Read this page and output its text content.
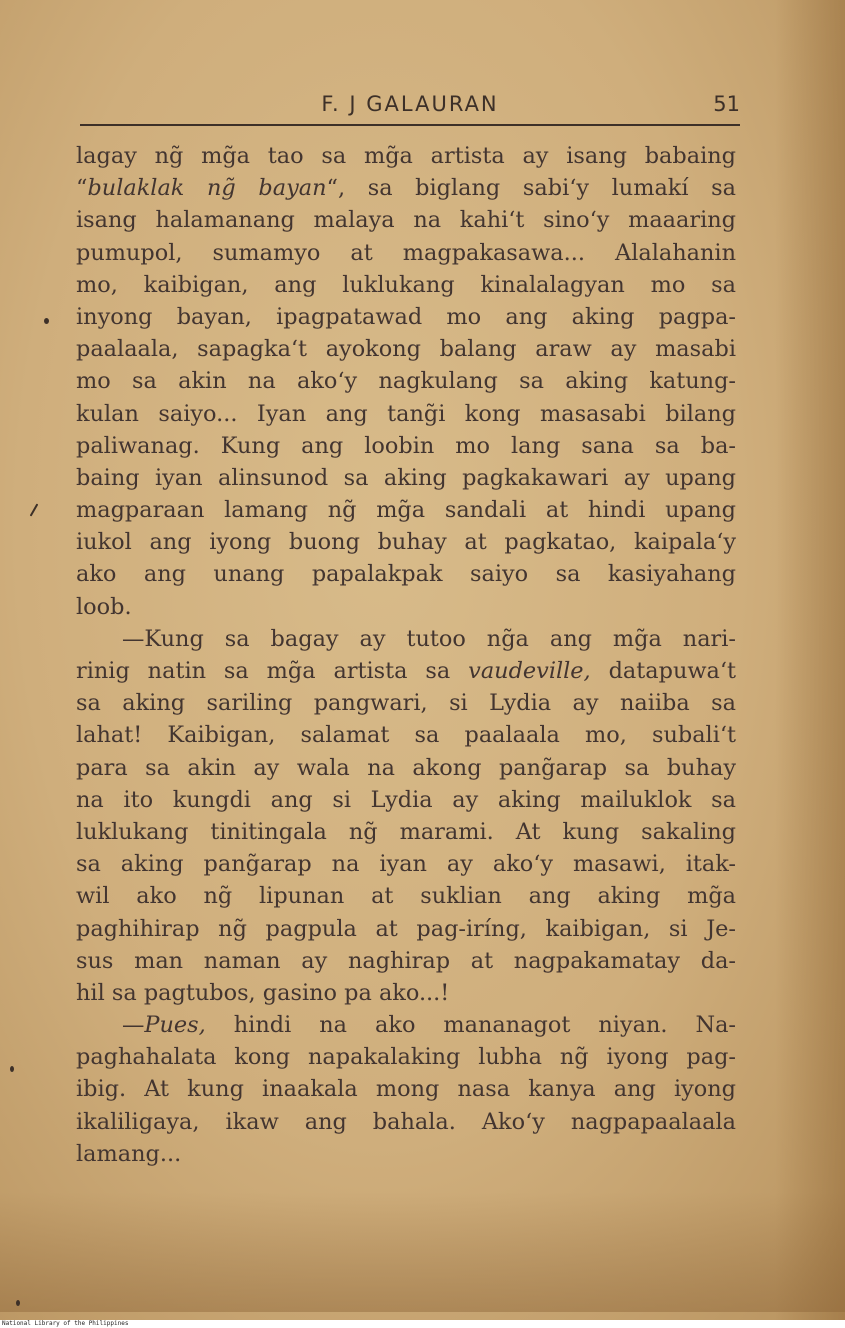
F. J GALAURAN	51
lagay ng̃ mg̃a tao sa mg̃a artista ay isang babaing
“bulaklak ng̃ bayan“, sa biglang sabi‘y lumakí sa
isang halamanang malaya na kahi‘t sino‘y maaaring
pumupol, sumamyo at magpakasawa... Alalahanin
mo, kaibigan, ang luklukang kinalalagyan mo sa
inyong bayan, ipagpatawad mo ang aking pagpa-
paalaala, sapagka‘t ayokong balang araw ay masabi
mo sa akin na ako‘y nagkulang sa aking katung-
kulan saiyo... Iyan ang tang̃i kong masasabi bilang
paliwanag. Kung ang loobin mo lang sana sa ba-
baing iyan alinsunod sa aking pagkakawari ay upang
magparaan lamang ng̃ mg̃a sandali at hindi upang
iukol ang iyong buong buhay at pagkatao, kaipala‘y
ako ang unang papalakpak saiyo sa kasiyahang
loob.
—Kung sa bagay ay tutoo ng̃a ang mg̃a nari-
rinig natin sa mg̃a artista sa vaudeville, datapuwa‘t
sa aking sariling pangwari, si Lydia ay naiiba sa
lahat! Kaibigan, salamat sa paalaala mo, subali‘t
para sa akin ay wala na akong pang̃arap sa buhay
na ito kungdi ang si Lydia ay aking mailuklok sa
luklukang tinitingala ng̃ marami. At kung sakaling
sa aking pang̃arap na iyan ay ako‘y masawi, itak-
wil ako ng̃ lipunan at suklian ang aking mg̃a
paghihirap ng̃ pagpula at pag-iríng, kaibigan, si Je-
sus man naman ay naghirap at nagpakamatay da-
hil sa pagtubos, gasino pa ako...!
—Pues, hindi na ako mananagot niyan. Na-
paghahalata kong napakalaking lubha ng̃ iyong pag-
ibig. At kung inaakala mong nasa kanya ang iyong
ikaliligaya, ikaw ang bahala. Ako‘y nagpapaalaala
lamang...
National Library of the Philippines
